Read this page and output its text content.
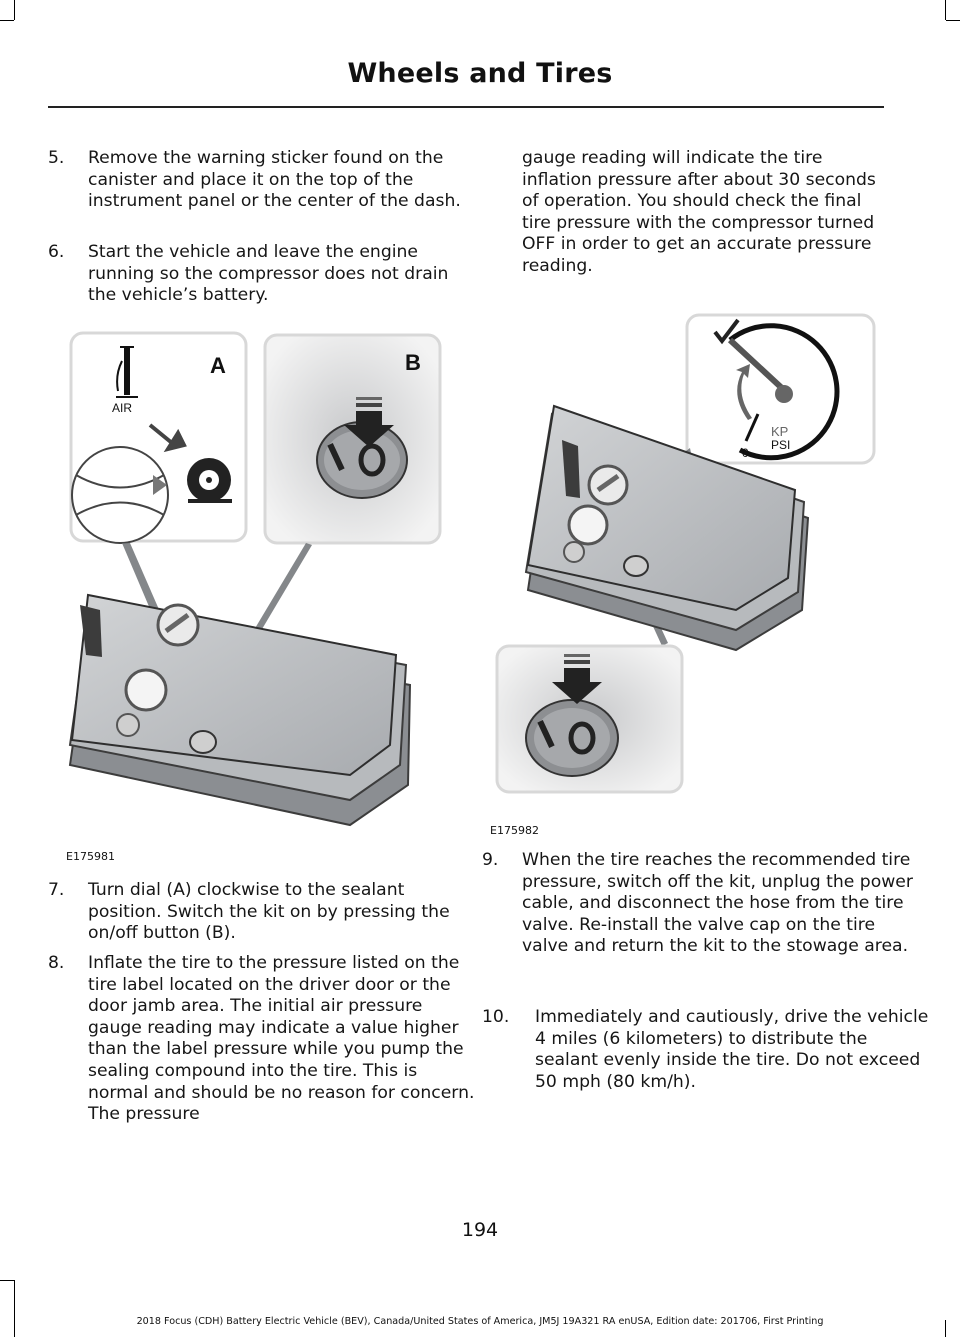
Wheels and Tires
5. Remove the warning sticker found on the canister and place it on the top of the instrument panel or the center of the dash.
6. Start the vehicle and leave the engine running so the compressor does not drain the vehicle’s battery.
A
AIR
B
E175981
7. Turn dial (A) clockwise to the sealant position. Switch the kit on by pressing the on/off button (B).
8. Inflate the tire to the pressure listed on the tire label located on the driver door or the door jamb area. The initial air pressure gauge reading may indicate a value higher than the label pressure while you pump the sealing compound into the tire. This is normal and should be no reason for concern. The pressure
gauge reading will indicate the tire inflation pressure after about 30 seconds of operation. You should check the final tire pressure with the compressor turned OFF in order to get an accurate pressure reading.
KP
PSI
0
E175982
9. When the tire reaches the recommended tire pressure, switch off the kit, unplug the power cable, and disconnect the hose from the tire valve. Re-install the valve cap on the tire valve and return the kit to the stowage area.
10. Immediately and cautiously, drive the vehicle 4 miles (6 kilometers) to distribute the sealant evenly inside the tire. Do not exceed 50 mph (80 km/h).
194
2018 Focus (CDH) Battery Electric Vehicle (BEV), Canada/United States of America, JM5J 19A321 RA enUSA, Edition date: 201706, First Printing
